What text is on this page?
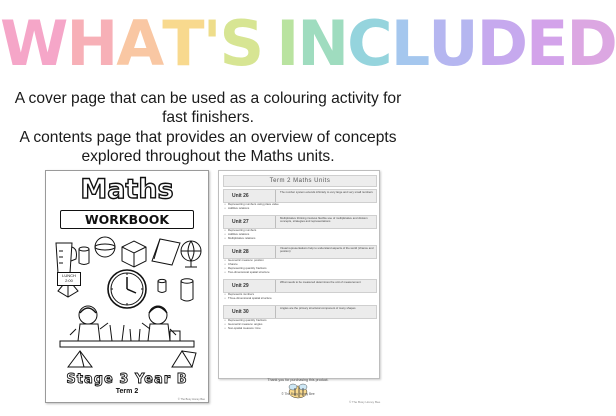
WHAT'S INCLUDED
A cover page that can be used as a colouring activity for fast finishers.
A contents page that provides an overview of concepts explored throughout the Maths units.
Maths
WORKBOOK
LUNCH 2:00
Stage 3 Year B
Term 2
© The Busy Honey Bee
Term 2 Maths Units
Unit 26
The number system extends infinitely to very large and very small numbers
• Representing numbers using place value
• Additive relations
Unit 27
Multiplicative thinking involves flexible use of multiplicative and division concepts, strategies and representations
• Representing numbers
• Additive relations
• Multiplicative relations
Unit 28
Visual representations help to understand aspects of the world (chance and position)
• Geometric measure: position
• Chance
• Representing quantity fractions
• Two-dimensional spatial structure
Unit 29
What needs to be measured determines the unit of measurement
• Represents numbers
• Three-dimensional spatial structure
Unit 30
Angles are the primary structural component of many shapes
• Representing quantity fractions
• Geometric measure: angles
• Non-spatial measure: time
Thank you for purchasing this product.
© The Busy Honey Bee
© The Busy Honey Bee
